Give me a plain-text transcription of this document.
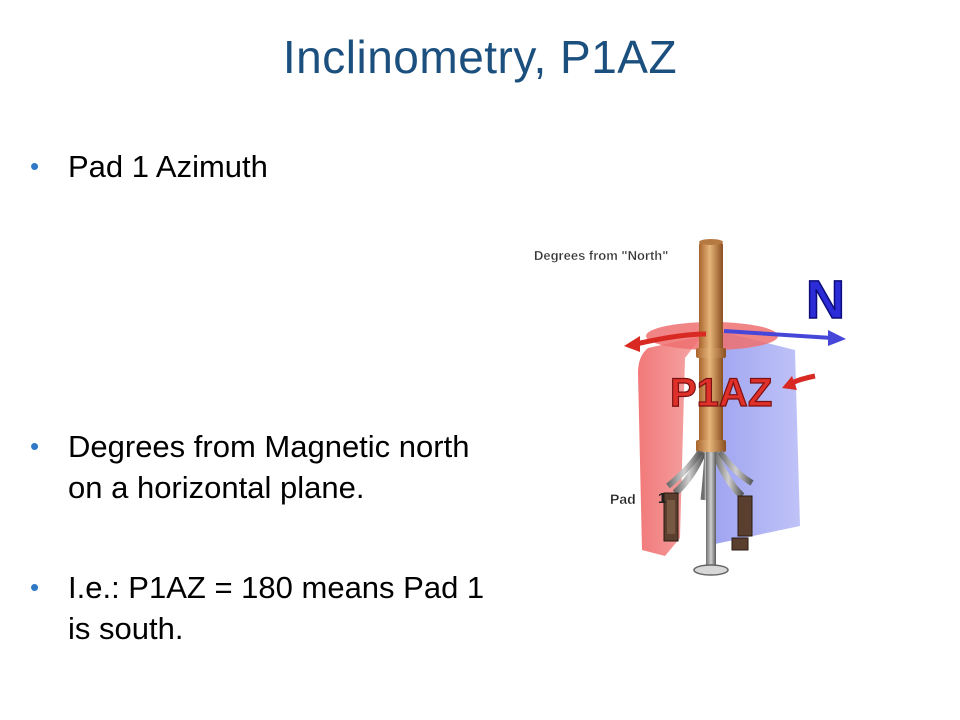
Inclinometry, P1AZ
• Pad 1 Azimuth
• Degrees from Magnetic north on a horizontal plane.
• I.e.: P1AZ = 180 means Pad 1 is south.
Degrees from "North"
N
P1AZ
Pad 1
